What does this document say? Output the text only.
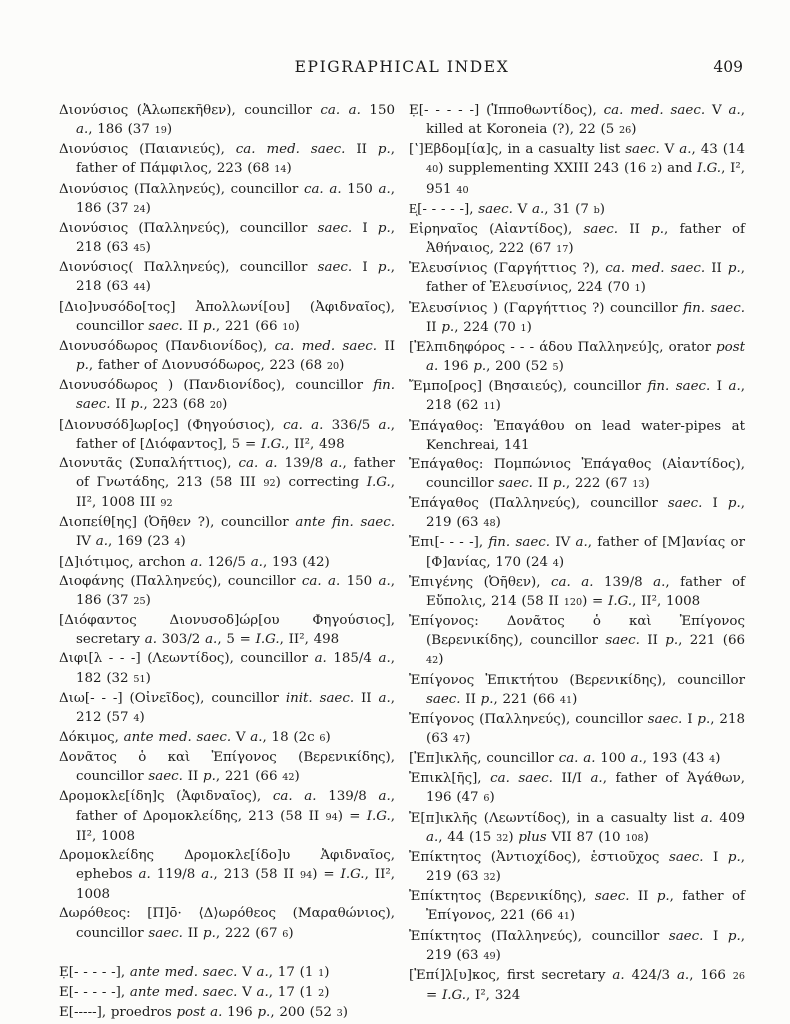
EPIGRAPHICAL INDEX	409

Διονύσιος (Ἀλωπεκῆθεν), councillor ca. a. 150 a., 186 (37 19)

Διονύσιος (Παιανιεύς), ca. med. saec. II p., father of Πάμφιλος, 223 (68 14)

Διονύσιος (Παλληνεύς), councillor ca. a. 150 a., 186 (37 24)

Διονύσιος (Παλληνεύς), councillor saec. I p., 218 (63 45)

Διονύσιος( Παλληνεύς), councillor saec. I p., 218 (63 44)

[Διο]νυσόδο[τος] Ἀπολλωνί[ου] (Ἀφιδναῖος), councillor saec. II p., 221 (66 10)

Διονυσόδωρος (Πανδιονίδος), ca. med. saec. II p., father of Διονυσόδωρος, 223 (68 20)

Διονυσόδωρος ) (Πανδιονίδος), councillor fin. saec. II p., 223 (68 20)

[Διονυσόδ]ωρ[ος] (Φηγούσιος), ca. a. 336/5 a., father of [Διόφαντος], 5 = I.G., II², 498

Διονυτᾶς (Συπαλήττιος), ca. a. 139/8 a., father of Γνωτάδης, 213 (58 III 92) correcting I.G., II², 1008 III 92

Διοπείθ[ης] (Ὀῆθεν ?), councillor ante fin. saec. IV a., 169 (23 4)

[Δ]ιότιμος, archon a. 126/5 a., 193 (42)

Διοφάνης (Παλληνεύς), councillor ca. a. 150 a., 186 (37 25)

[Διόφαντος Διονυσοδ]ώρ[ου Φηγούσιος], secretary a. 303/2 a., 5 = I.G., II², 498

Διφι[λ - - -] (Λεωντίδος), councillor a. 185/4 a., 182 (32 51)

Διω[- - -] (Οἰνεῖδος), councillor init. saec. II a., 212 (57 4)

Δόκιμος, ante med. saec. V a., 18 (2c 6)

Δονᾶτος ὁ καὶ Ἐπίγονος (Βερενικίδης), councillor saec. II p., 221 (66 42)

Δρομοκλε[ίδη]ς (Ἀφιδναῖος), ca. a. 139/8 a., father of Δρομοκλείδης, 213 (58 II 94) = I.G., II², 1008

Δρομοκλείδης Δρομοκλε[ίδο]υ Ἀφιδναῖος, ephebos a. 119/8 a., 213 (58 II 94) = I.G., II², 1008

Δωρόθεος: [Π]ō· ⟨Δ⟩ωρόθεος (Μαραθώνιος), councillor saec. II p., 222 (67 6)

Ẹ[- - - - -], ante med. saec. V a., 17 (1 1)

E[- - - - -], ante med. saec. V a., 17 (1 2)

E[-----], proedros post a. 196 p., 200 (52 3)

Ẹ[- - - - -] (Ἱπποθωντίδος), ca. med. saec. V a., killed at Koroneia (?), 22 (5 26)

[ʽ]Εβδομ[ία]ς, in a casualty list saec. V a., 43 (14 40) supplementing XXIII 243 (16 2) and I.G., I², 951 40

Eͅ[- - - - -], saec. V a., 31 (7 b)

Εἰρηναῖος (Αἰαντίδος), saec. II p., father of Ἀθήναιος, 222 (67 17)

Ἐλευσίνιος (Γαργήττιος ?), ca. med. saec. II p., father of Ἐλευσίνιος, 224 (70 1)

Ἐλευσίνιος ) (Γαργήττιος ?) councillor fin. saec. II p., 224 (70 1)

[Ἐλπιδηφόρος - - - άδου Παλληνεύ]ς, orator post a. 196 p., 200 (52 5)

Ἔμπο[ρος] (Βησαιεύς), councillor fin. saec. I a., 218 (62 11)

Ἐπάγαθος: Ἐπαγάθου on lead water-pipes at Kenchreai, 141

Ἐπάγαθος: Πομπώνιος Ἐπάγαθος (Αἰαντίδος), councillor saec. II p., 222 (67 13)

Ἐπάγαθος (Παλληνεύς), councillor saec. I p., 219 (63 48)

Ἐπι[- - - -], fin. saec. IV a., father of [Μ]ανίας or [Φ]ανίας, 170 (24 4)

Ἐπιγένης (Ὀῆθεν), ca. a. 139/8 a., father of Εὔπολις, 214 (58 II 120) = I.G., II², 1008

Ἐπίγονος: Δονᾶτος ὁ καὶ Ἐπίγονος (Βερενικίδης), councillor saec. II p., 221 (66 42)

Ἐπίγονος Ἐπικτήτου (Βερενικίδης), councillor saec. II p., 221 (66 41)

Ἐπίγονος (Παλληνεύς), councillor saec. I p., 218 (63 47)

[Ἐπ]ικλῆς, councillor ca. a. 100 a., 193 (43 4)

Ἐπικλ[ῆς], ca. saec. II/I a., father of Ἀγάθων, 196 (47 6)

Ἐ[π]ικλῆς (Λεωντίδος), in a casualty list a. 409 a., 44 (15 32) plus VII 87 (10 108)

Ἐπίκτητος (Ἀντιοχίδος), ἑστιοῦχος saec. I p., 219 (63 32)

Ἐπίκτητος (Βερενικίδης), saec. II p., father of Ἐπίγονος, 221 (66 41)

Ἐπίκτητος (Παλληνεύς), councillor saec. I p., 219 (63 49)

[Ἐπί]λ[υ]κος, first secretary a. 424/3 a., 166 26 = I.G., I², 324
